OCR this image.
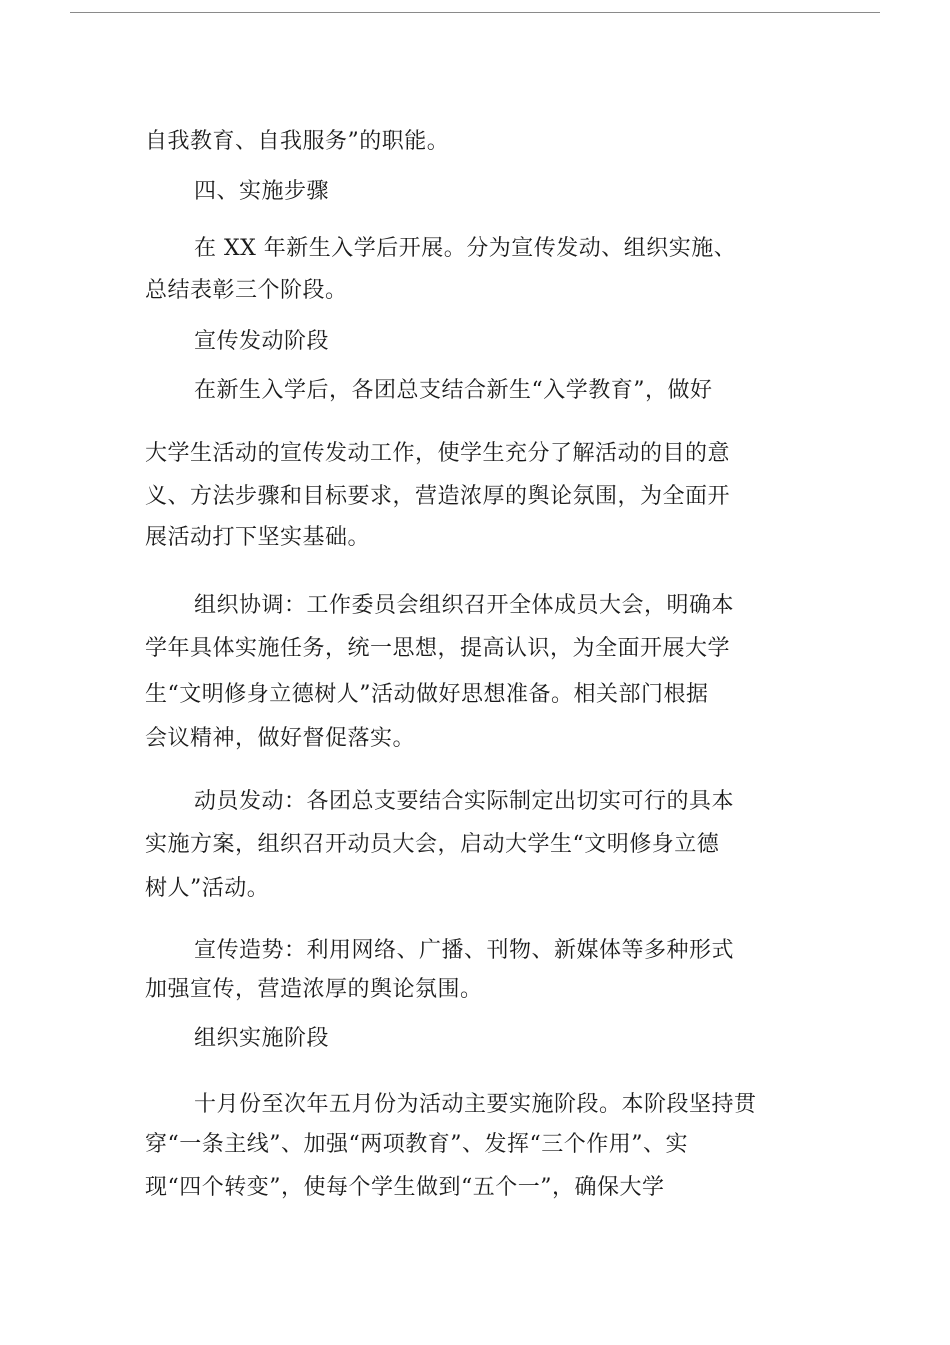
自我教育、自我服务”的职能。
四、实施步骤
在 XX 年新生入学后开展。分为宣传发动、组织实施、
总结表彰三个阶段。
宣传发动阶段
在新生入学后，各团总支结合新生“入学教育”，做好
大学生活动的宣传发动工作，使学生充分了解活动的目的意
义、方法步骤和目标要求，营造浓厚的舆论氛围，为全面开
展活动打下坚实基础。
组织协调：工作委员会组织召开全体成员大会，明确本
学年具体实施任务，统一思想，提高认识，为全面开展大学
生“文明修身立德树人”活动做好思想准备。相关部门根据
会议精神，做好督促落实。
动员发动：各团总支要结合实际制定出切实可行的具本
实施方案，组织召开动员大会，启动大学生“文明修身立德
树人”活动。
宣传造势：利用网络、广播、刊物、新媒体等多种形式
加强宣传，营造浓厚的舆论氛围。
组织实施阶段
十月份至次年五月份为活动主要实施阶段。本阶段坚持贯
穿“一条主线”、加强“两项教育”、发挥“三个作用”、实
现“四个转变”，使每个学生做到“五个一”，确保大学
